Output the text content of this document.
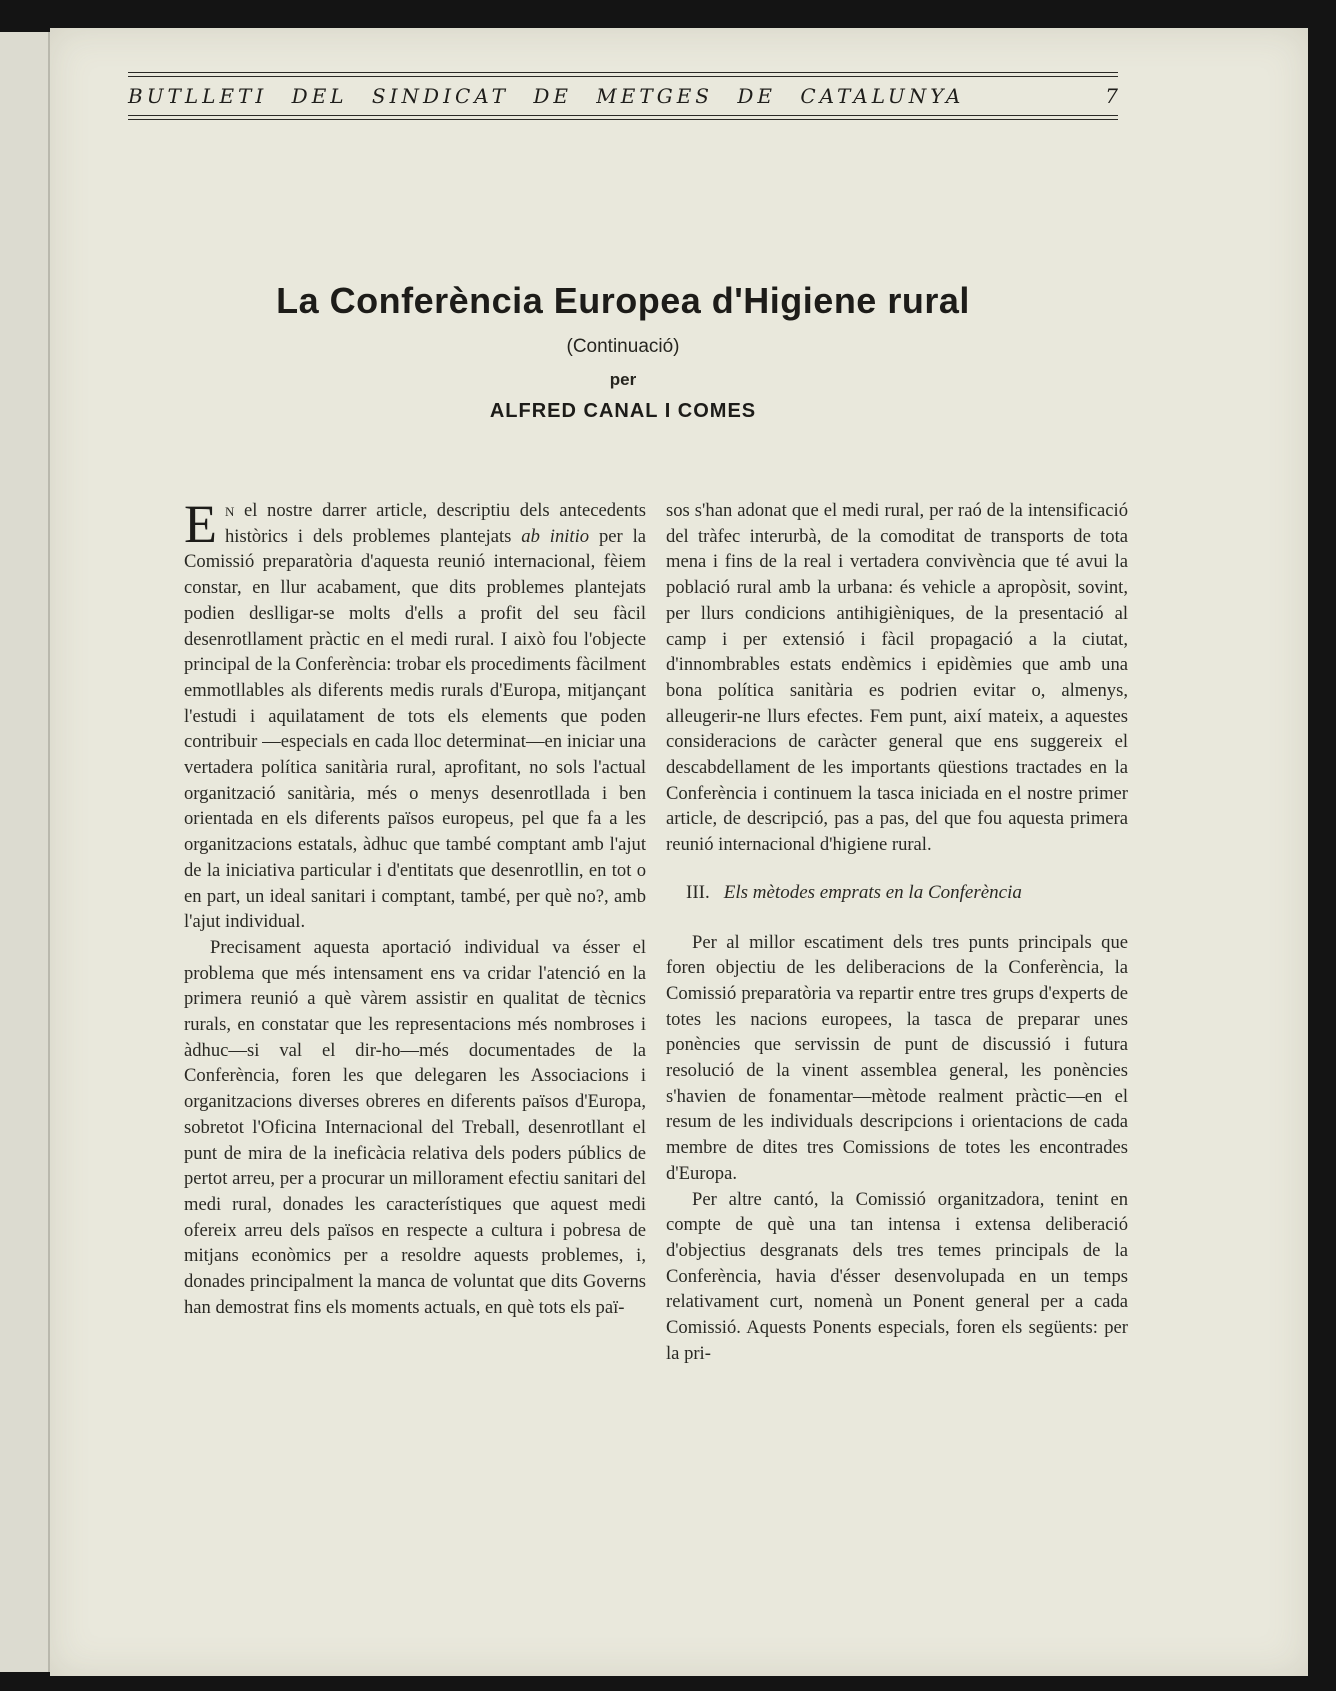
BUTLLETI DEL SINDICAT DE METGES DE CATALUNYA	7
La Conferència Europea d'Higiene rural
(Continuació)
per
ALFRED CANAL I COMES

En el nostre darrer article, descriptiu dels antecedents històrics i dels problemes plantejats ab initio per la Comissió preparatòria d'aquesta reunió internacional, fèiem constar, en llur acabament, que dits problemes plantejats podien deslligar-se molts d'ells a profit del seu fàcil desenrotllament pràctic en el medi rural. I això fou l'objecte principal de la Conferència: trobar els procediments fàcilment emmotllables als diferents medis rurals d'Europa, mitjançant l'estudi i aquilatament de tots els elements que poden contribuir —especials en cada lloc determinat—en iniciar una vertadera política sanitària rural, aprofitant, no sols l'actual organització sanitària, més o menys desenrotllada i ben orientada en els diferents països europeus, pel que fa a les organitzacions estatals, àdhuc que també comptant amb l'ajut de la iniciativa particular i d'entitats que desenrotllin, en tot o en part, un ideal sanitari i comptant, també, per què no?, amb l'ajut individual.

Precisament aquesta aportació individual va ésser el problema que més intensament ens va cridar l'atenció en la primera reunió a què vàrem assistir en qualitat de tècnics rurals, en constatar que les representacions més nombroses i àdhuc—si val el dir-ho—més documentades de la Conferència, foren les que delegaren les Associacions i organitzacions diverses obreres en diferents països d'Europa, sobretot l'Oficina Internacional del Treball, desenrotllant el punt de mira de la ineficàcia relativa dels poders públics de pertot arreu, per a procurar un millorament efectiu sanitari del medi rural, donades les característiques que aquest medi ofereix arreu dels països en respecte a cultura i pobresa de mitjans econòmics per a resoldre aquests problemes, i, donades principalment la manca de voluntat que dits Governs han demostrat fins els moments actuals, en què tots els paï-

sos s'han adonat que el medi rural, per raó de la intensificació del tràfec interurbà, de la comoditat de transports de tota mena i fins de la real i vertadera convivència que té avui la població rural amb la urbana: és vehicle a apropòsit, sovint, per llurs condicions antihigièniques, de la presentació al camp i per extensió i fàcil propagació a la ciutat, d'innombrables estats endèmics i epidèmies que amb una bona política sanitària es podrien evitar o, almenys, alleugerir-ne llurs efectes. Fem punt, així mateix, a aquestes consideracions de caràcter general que ens suggereix el descabdellament de les importants qüestions tractades en la Conferència i continuem la tasca iniciada en el nostre primer article, de descripció, pas a pas, del que fou aquesta primera reunió internacional d'higiene rural.

III. Els mètodes emprats en la Conferència

Per al millor escatiment dels tres punts principals que foren objectiu de les deliberacions de la Conferència, la Comissió preparatòria va repartir entre tres grups d'experts de totes les nacions europees, la tasca de preparar unes ponències que servissin de punt de discussió i futura resolució de la vinent assemblea general, les ponències s'havien de fonamentar—mètode realment pràctic—en el resum de les individuals descripcions i orientacions de cada membre de dites tres Comissions de totes les encontrades d'Europa.

Per altre cantó, la Comissió organitzadora, tenint en compte de què una tan intensa i extensa deliberació d'objectius desgranats dels tres temes principals de la Conferència, havia d'ésser desenvolupada en un temps relativament curt, nomenà un Ponent general per a cada Comissió. Aquests Ponents especials, foren els següents: per la pri-
